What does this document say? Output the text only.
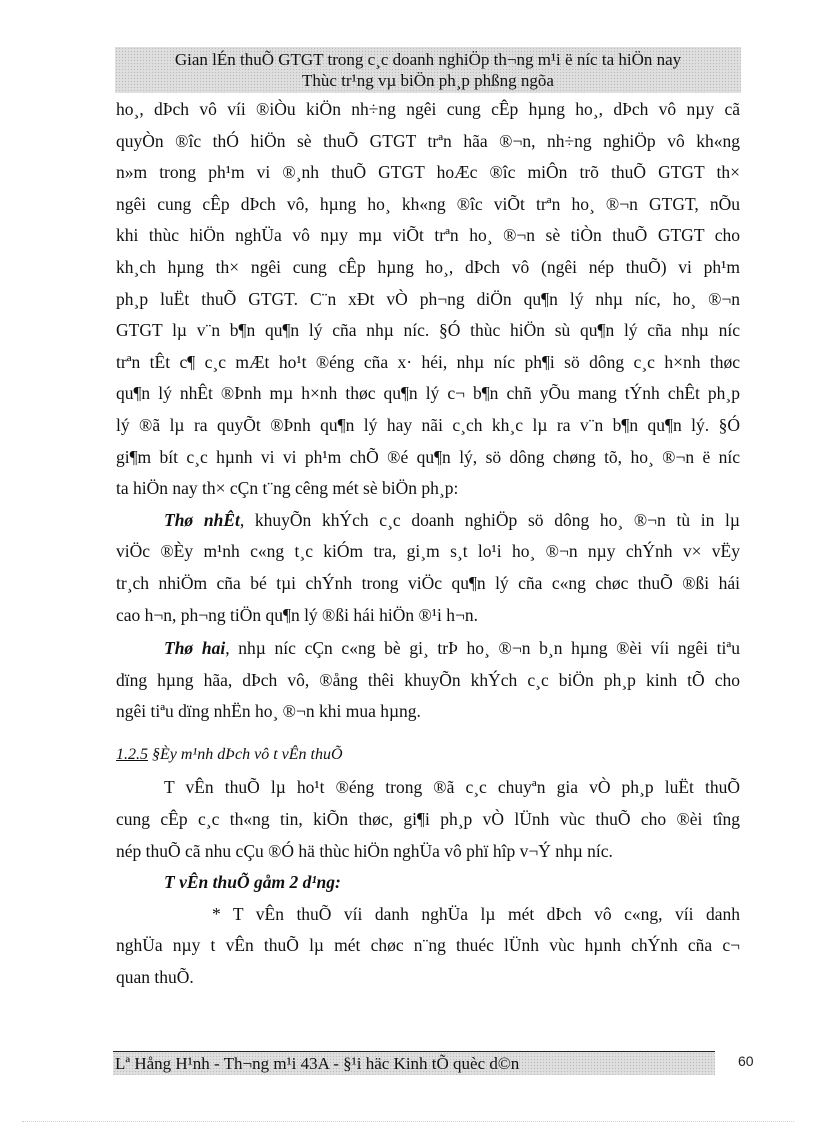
Gian lÉn thuÕ GTGT trong c¸c doanh nghiÖp th¬ng m¹i ë níc ta hiÖn nay
Thùc tr¹ng vµ biÖn ph¸p phßng ngõa

ho¸, dÞch vô víi ®iÒu kiÖn nh÷ng ngêi cung cÊp hµng ho¸, dÞch vô nµy cã
quyÒn ®îc thÓ hiÖn sè thuÕ GTGT trªn hãa ®¬n, nh÷ng nghiÖp vô kh«ng
n»m trong ph¹m vi ®¸nh thuÕ GTGT hoÆc ®îc miÔn trõ thuÕ GTGT th×
ngêi cung cÊp dÞch vô, hµng ho¸ kh«ng ®îc viÕt trªn ho¸ ®¬n GTGT, nÕu
khi thùc hiÖn nghÜa vô nµy mµ viÕt trªn ho¸ ®¬n sè tiÒn thuÕ GTGT cho
kh¸ch hµng th× ngêi cung cÊp hµng ho¸, dÞch vô (ngêi nép thuÕ) vi ph¹m
ph¸p luËt thuÕ GTGT. C¨n xÐt vÒ ph¬ng diÖn qu¶n lý nhµ níc, ho¸ ®¬n
GTGT lµ v¨n b¶n qu¶n lý cña nhµ níc. §Ó thùc hiÖn sù qu¶n lý cña nhµ níc
trªn tÊt c¶ c¸c mÆt ho¹t ®éng cña x· héi, nhµ níc ph¶i sö dông c¸c h×nh thøc
qu¶n lý nhÊt ®Þnh mµ h×nh thøc qu¶n lý c¬ b¶n chñ yÕu mang tÝnh chÊt ph¸p
lý ®ã lµ ra quyÕt ®Þnh qu¶n lý hay nãi c¸ch kh¸c lµ ra v¨n b¶n qu¶n lý. §Ó
gi¶m bít c¸c hµnh vi vi ph¹m chÕ ®é qu¶n lý, sö dông chøng tõ, ho¸ ®¬n ë níc
ta hiÖn nay th× cÇn t¨ng cêng mét sè biÖn ph¸p:

Thø nhÊt, khuyÕn khÝch c¸c doanh nghiÖp sö dông ho¸ ®¬n tù in lµ
viÖc ®Èy m¹nh c«ng t¸c kiÓm tra, gi¸m s¸t lo¹i ho¸ ®¬n nµy chÝnh v× vËy
tr¸ch nhiÖm cña bé tµi chÝnh trong viÖc qu¶n lý cña c«ng chøc thuÕ ®ßi hái
cao h¬n, ph¬ng tiÖn qu¶n lý ®ßi hái hiÖn ®¹i h¬n.

Thø hai, nhµ níc cÇn c«ng bè gi¸ trÞ ho¸ ®¬n b¸n hµng ®èi víi ngêi tiªu
dïng hµng hãa, dÞch vô, ®ång thêi khuyÕn khÝch c¸c biÖn ph¸p kinh tÕ cho
ngêi tiªu dïng nhËn ho¸ ®¬n khi mua hµng.

1.2.5 §Èy m¹nh dÞch vô t vÊn thuÕ

T vÊn thuÕ lµ ho¹t ®éng trong ®ã c¸c chuyªn gia vÒ ph¸p luËt thuÕ
cung cÊp c¸c th«ng tin, kiÕn thøc, gi¶i ph¸p vÒ lÜnh vùc thuÕ cho ®èi tîng
nép thuÕ cã nhu cÇu ®Ó hä thùc hiÖn nghÜa vô phï hîp v¬Ý nhµ níc.

T vÊn thuÕ gåm 2 d¹ng:

* T vÊn thuÕ víi danh nghÜa lµ mét dÞch vô c«ng, víi danh
nghÜa nµy t vÊn thuÕ lµ mét chøc n¨ng thuéc lÜnh vùc hµnh chÝnh cña c¬
quan thuÕ.

Lª Hång H¹nh - Th¬ng m¹i 43A - §¹i häc Kinh tÕ quèc d©n	60
